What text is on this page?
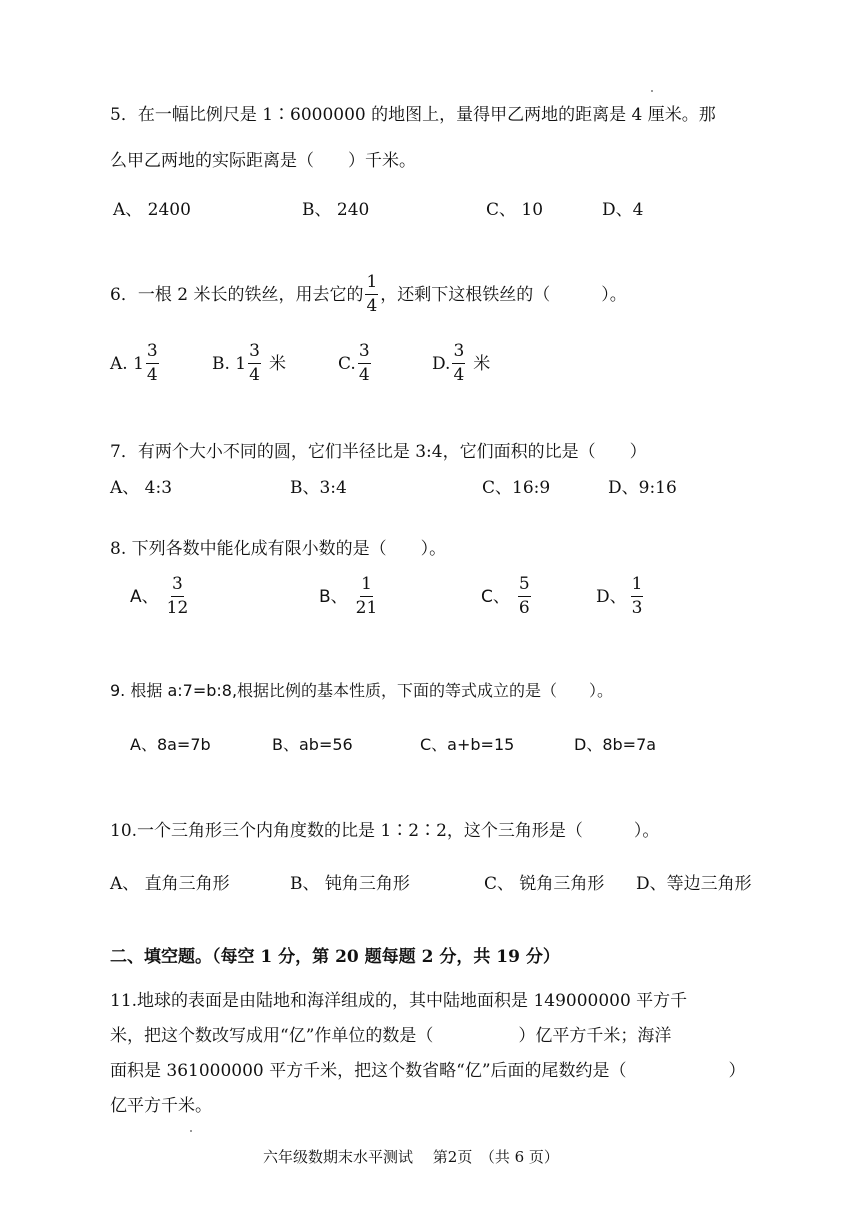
5．在一幅比例尺是 1∶6000000 的地图上，量得甲乙两地的距离是 4 厘米。那
么甲乙两地的实际距离是（　　）千米。
A、 2400	B、 240	C、 10	D、4
6．一根 2 米长的铁丝，用去它的 $\frac{1}{4}$ ，还剩下这根铁丝的（　　　）。
A. $1 \frac{3}{4}$	B. $1 \frac{3}{4}$ 米	C. $\frac{3}{4}$	D. $\frac{3}{4}$ 米
7．有两个大小不同的圆，它们半径比是 3:4，它们面积的比是（　　）
A、 4:3	B、3:4	C、16:9	D、9:16
8. 下列各数中能化成有限小数的是（　　）。
A、 $\frac{3}{12}$	B、 $\frac{1}{21}$	C、 $\frac{5}{6}$	D、 $\frac{1}{3}$
9. 根据 a:7=b:8,根据比例的基本性质，下面的等式成立的是（　　）。
A、8a=7b	B、ab=56	C、a+b=15	D、8b=7a
10.一个三角形三个内角度数的比是 1∶2∶2，这个三角形是（　　　）。
A、 直角三角形	B、 钝角三角形	C、 锐角三角形 D、等边三角形
二、填空题。（每空 1 分，第 20 题每题 2 分，共 19 分）
11.地球的表面是由陆地和海洋组成的，其中陆地面积是 149000000 平方千
米，把这个数改写成用“亿”作单位的数是（　　　　　）亿平方千米；海洋
面积是 361000000 平方千米，把这个数省略“亿”后面的尾数约是（　　　　　　）
亿平方千米。
六年级数期末水平测试　 第2页　（共 6 页）
